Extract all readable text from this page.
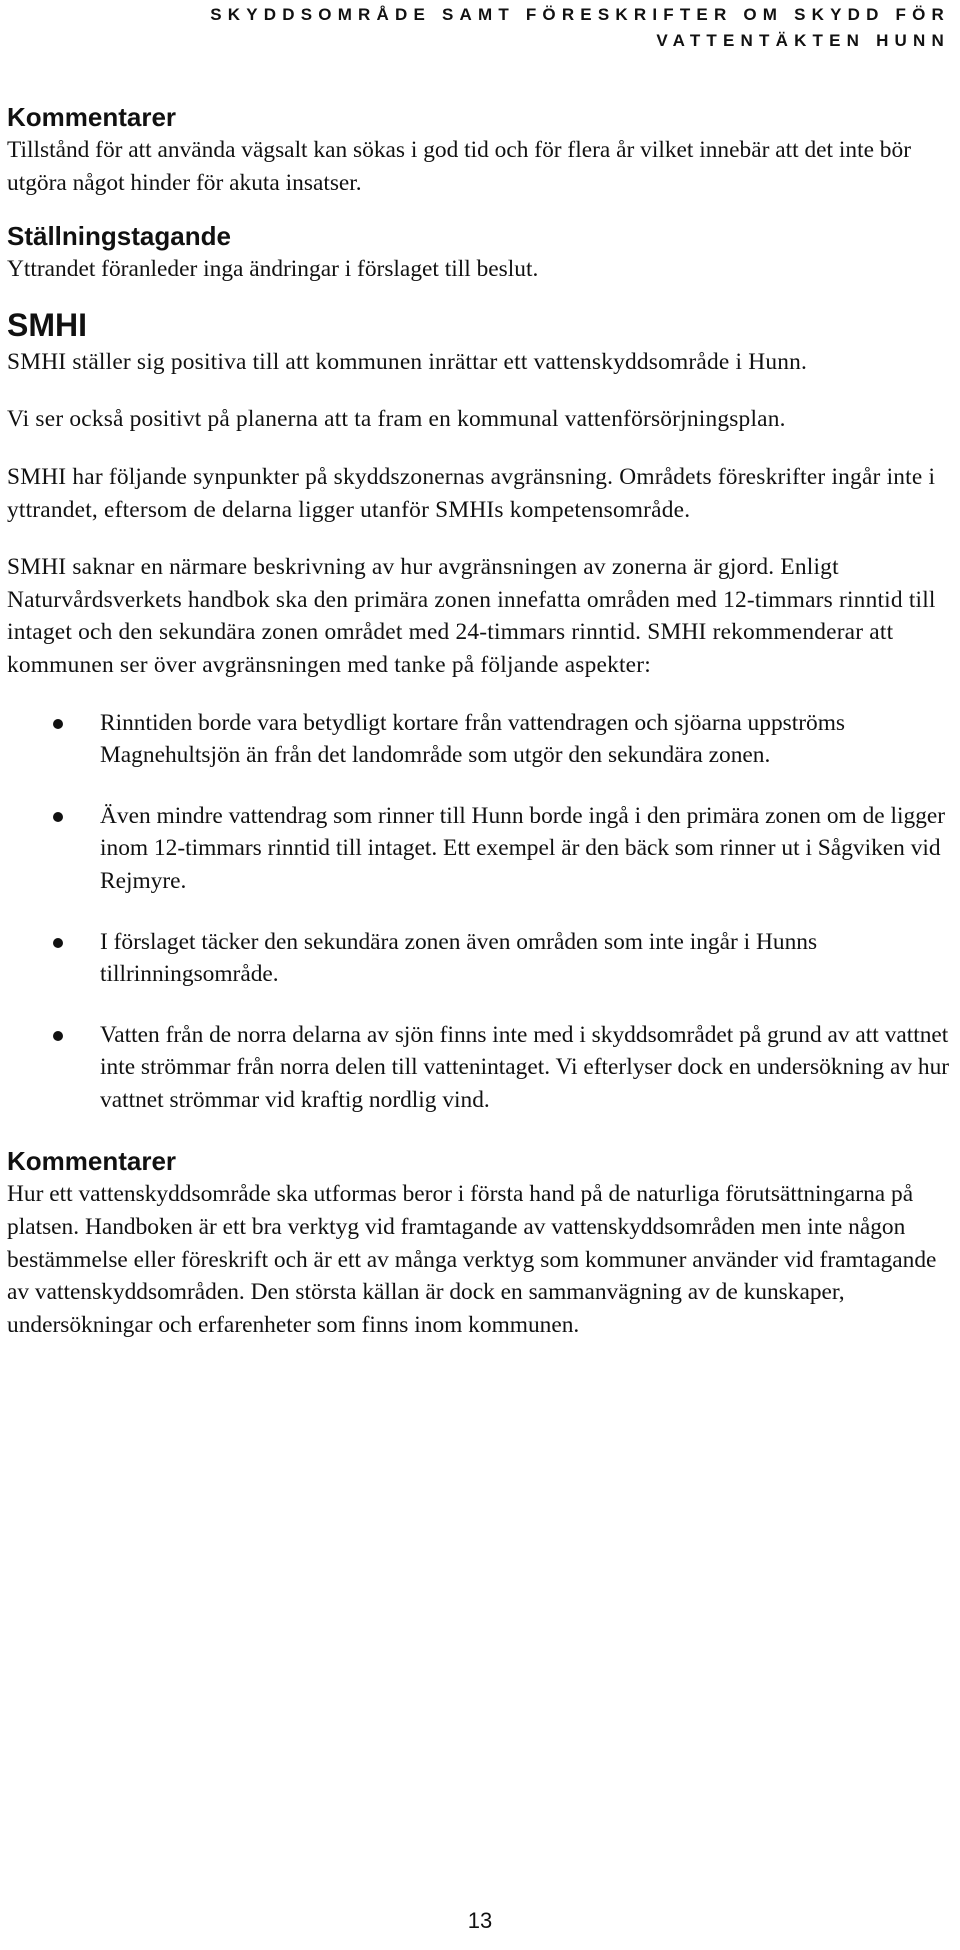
SKYDDSOMRÅDE SAMT FÖRESKRIFTER OM SKYDD FÖR
VATTENTÄKTEN HUNN
Kommentarer

Tillstånd för att använda vägsalt kan sökas i god tid och för flera år vilket innebär att det inte bör utgöra något hinder för akuta insatser.

Ställningstagande

Yttrandet föranleder inga ändringar i förslaget till beslut.

SMHI

SMHI ställer sig positiva till att kommunen inrättar ett vattenskyddsområde i Hunn.

Vi ser också positivt på planerna att ta fram en kommunal vattenförsörjningsplan.

SMHI har följande synpunkter på skyddszonernas avgränsning. Områdets föreskrifter ingår inte i yttrandet, eftersom de delarna ligger utanför SMHIs kompetensområde.

SMHI saknar en närmare beskrivning av hur avgränsningen av zonerna är gjord. Enligt Naturvårdsverkets handbok ska den primära zonen innefatta områden med 12-timmars rinntid till intaget och den sekundära zonen området med 24-timmars rinntid. SMHI rekommenderar att kommunen ser över avgränsningen med tanke på följande aspekter:

Rinntiden borde vara betydligt kortare från vattendragen och sjöarna uppströms Magnehultsjön än från det landområde som utgör den sekundära zonen.
Även mindre vattendrag som rinner till Hunn borde ingå i den primära zonen om de ligger inom 12-timmars rinntid till intaget. Ett exempel är den bäck som rinner ut i Sågviken vid Rejmyre.
I förslaget täcker den sekundära zonen även områden som inte ingår i Hunns tillrinningsområde.
Vatten från de norra delarna av sjön finns inte med i skyddsområdet på grund av att vattnet inte strömmar från norra delen till vattenintaget. Vi efterlyser dock en undersökning av hur vattnet strömmar vid kraftig nordlig vind.
Kommentarer

Hur ett vattenskyddsområde ska utformas beror i första hand på de naturliga förutsättningarna på platsen. Handboken är ett bra verktyg vid framtagande av vattenskyddsområden men inte någon bestämmelse eller föreskrift och är ett av många verktyg som kommuner använder vid framtagande av vattenskyddsområden. Den största källan är dock en sammanvägning av de kunskaper, undersökningar och erfarenheter som finns inom kommunen.

13
